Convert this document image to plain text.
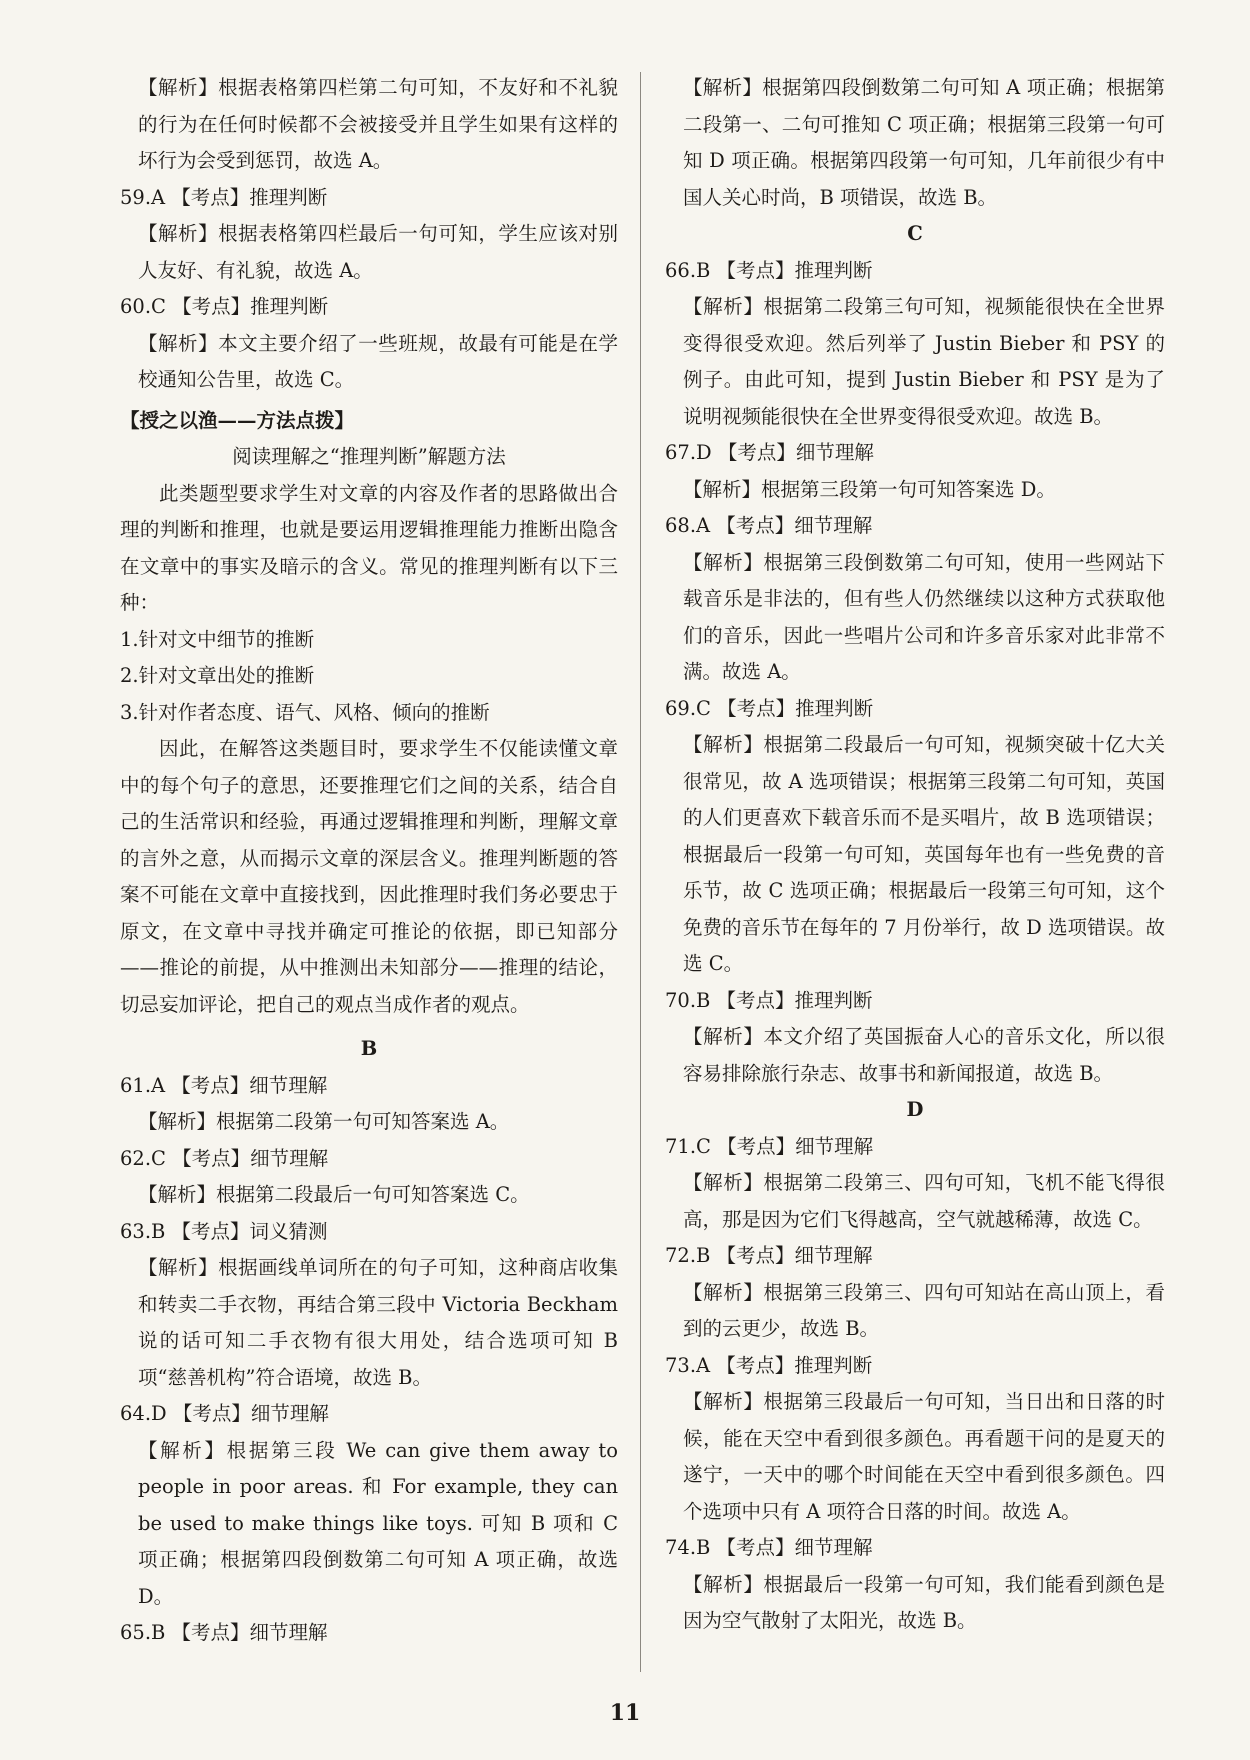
【解析】根据表格第四栏第二句可知，不友好和不礼貌的行为在任何时候都不会被接受并且学生如果有这样的坏行为会受到惩罚，故选 A。

59.A 【考点】推理判断

【解析】根据表格第四栏最后一句可知，学生应该对别人友好、有礼貌，故选 A。

60.C 【考点】推理判断

【解析】本文主要介绍了一些班规，故最有可能是在学校通知公告里，故选 C。

【授之以渔——方法点拨】

阅读理解之“推理判断”解题方法

此类题型要求学生对文章的内容及作者的思路做出合理的判断和推理，也就是要运用逻辑推理能力推断出隐含在文章中的事实及暗示的含义。常见的推理判断有以下三种：

1.针对文中细节的推断

2.针对文章出处的推断

3.针对作者态度、语气、风格、倾向的推断

因此，在解答这类题目时，要求学生不仅能读懂文章中的每个句子的意思，还要推理它们之间的关系，结合自己的生活常识和经验，再通过逻辑推理和判断，理解文章的言外之意，从而揭示文章的深层含义。推理判断题的答案不可能在文章中直接找到，因此推理时我们务必要忠于原文，在文章中寻找并确定可推论的依据，即已知部分——推论的前提，从中推测出未知部分——推理的结论，切忌妄加评论，把自己的观点当成作者的观点。

B

61.A 【考点】细节理解

【解析】根据第二段第一句可知答案选 A。

62.C 【考点】细节理解

【解析】根据第二段最后一句可知答案选 C。

63.B 【考点】词义猜测

【解析】根据画线单词所在的句子可知，这种商店收集和转卖二手衣物，再结合第三段中 Victoria Beckham 说的话可知二手衣物有很大用处，结合选项可知 B 项“慈善机构”符合语境，故选 B。

64.D 【考点】细节理解

【解析】根据第三段 We can give them away to people in poor areas. 和 For example, they can be used to make things like toys. 可知 B 项和 C 项正确；根据第四段倒数第二句可知 A 项正确，故选 D。

65.B 【考点】细节理解

【解析】根据第四段倒数第二句可知 A 项正确；根据第二段第一、二句可推知 C 项正确；根据第三段第一句可知 D 项正确。根据第四段第一句可知，几年前很少有中国人关心时尚，B 项错误，故选 B。

C

66.B 【考点】推理判断

【解析】根据第二段第三句可知，视频能很快在全世界变得很受欢迎。然后列举了 Justin Bieber 和 PSY 的例子。由此可知，提到 Justin Bieber 和 PSY 是为了说明视频能很快在全世界变得很受欢迎。故选 B。

67.D 【考点】细节理解

【解析】根据第三段第一句可知答案选 D。

68.A 【考点】细节理解

【解析】根据第三段倒数第二句可知，使用一些网站下载音乐是非法的，但有些人仍然继续以这种方式获取他们的音乐，因此一些唱片公司和许多音乐家对此非常不满。故选 A。

69.C 【考点】推理判断

【解析】根据第二段最后一句可知，视频突破十亿大关很常见，故 A 选项错误；根据第三段第二句可知，英国的人们更喜欢下载音乐而不是买唱片，故 B 选项错误；根据最后一段第一句可知，英国每年也有一些免费的音乐节，故 C 选项正确；根据最后一段第三句可知，这个免费的音乐节在每年的 7 月份举行，故 D 选项错误。故选 C。

70.B 【考点】推理判断

【解析】本文介绍了英国振奋人心的音乐文化，所以很容易排除旅行杂志、故事书和新闻报道，故选 B。

D

71.C 【考点】细节理解

【解析】根据第二段第三、四句可知，飞机不能飞得很高，那是因为它们飞得越高，空气就越稀薄，故选 C。

72.B 【考点】细节理解

【解析】根据第三段第三、四句可知站在高山顶上，看到的云更少，故选 B。

73.A 【考点】推理判断

【解析】根据第三段最后一句可知，当日出和日落的时候，能在天空中看到很多颜色。再看题干问的是夏天的遂宁，一天中的哪个时间能在天空中看到很多颜色。四个选项中只有 A 项符合日落的时间。故选 A。

74.B 【考点】细节理解

【解析】根据最后一段第一句可知，我们能看到颜色是因为空气散射了太阳光，故选 B。

11
